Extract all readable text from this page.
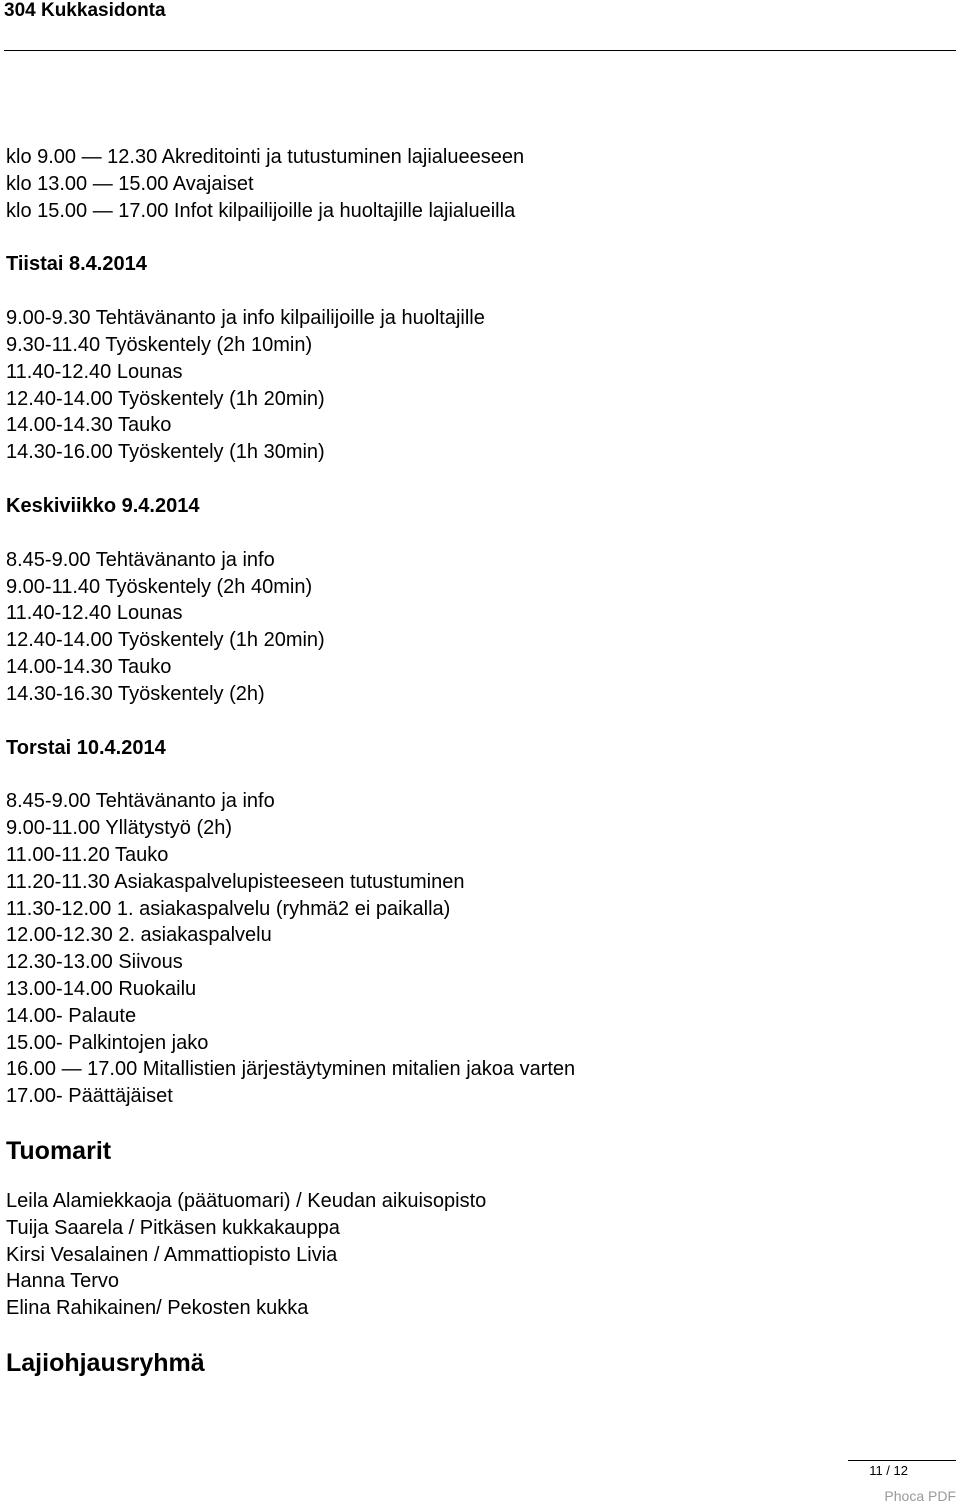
304 Kukkasidonta

klo 9.00 — 12.30 Akreditointi ja tutustuminen lajialueeseen

klo 13.00 — 15.00 Avajaiset

klo 15.00 — 17.00 Infot kilpailijoille ja huoltajille lajialueilla

Tiistai 8.4.2014

9.00-9.30 Tehtävänanto ja info kilpailijoille ja huoltajille

9.30-11.40 Työskentely (2h 10min)

11.40-12.40 Lounas

12.40-14.00 Työskentely (1h 20min)

14.00-14.30 Tauko

14.30-16.00 Työskentely (1h 30min)

Keskiviikko 9.4.2014

8.45-9.00 Tehtävänanto ja info

9.00-11.40 Työskentely (2h 40min)

11.40-12.40 Lounas

12.40-14.00 Työskentely (1h 20min)

14.00-14.30 Tauko

14.30-16.30 Työskentely (2h)

Torstai 10.4.2014

8.45-9.00 Tehtävänanto ja info

9.00-11.00 Yllätystyö (2h)

11.00-11.20 Tauko

11.20-11.30 Asiakaspalvelupisteeseen tutustuminen

11.30-12.00 1. asiakaspalvelu (ryhmä2 ei paikalla)

12.00-12.30 2. asiakaspalvelu

12.30-13.00 Siivous

13.00-14.00 Ruokailu

14.00- Palaute

15.00- Palkintojen jako

16.00 — 17.00 Mitallistien järjestäytyminen mitalien jakoa varten

17.00- Päättäjäiset

Tuomarit

Leila Alamiekkaoja (päätuomari) / Keudan aikuisopisto

Tuija Saarela / Pitkäsen kukkakauppa

Kirsi Vesalainen / Ammattiopisto Livia

Hanna Tervo

Elina Rahikainen/ Pekosten kukka

Lajiohjausryhmä

11 / 12
Phoca PDF
